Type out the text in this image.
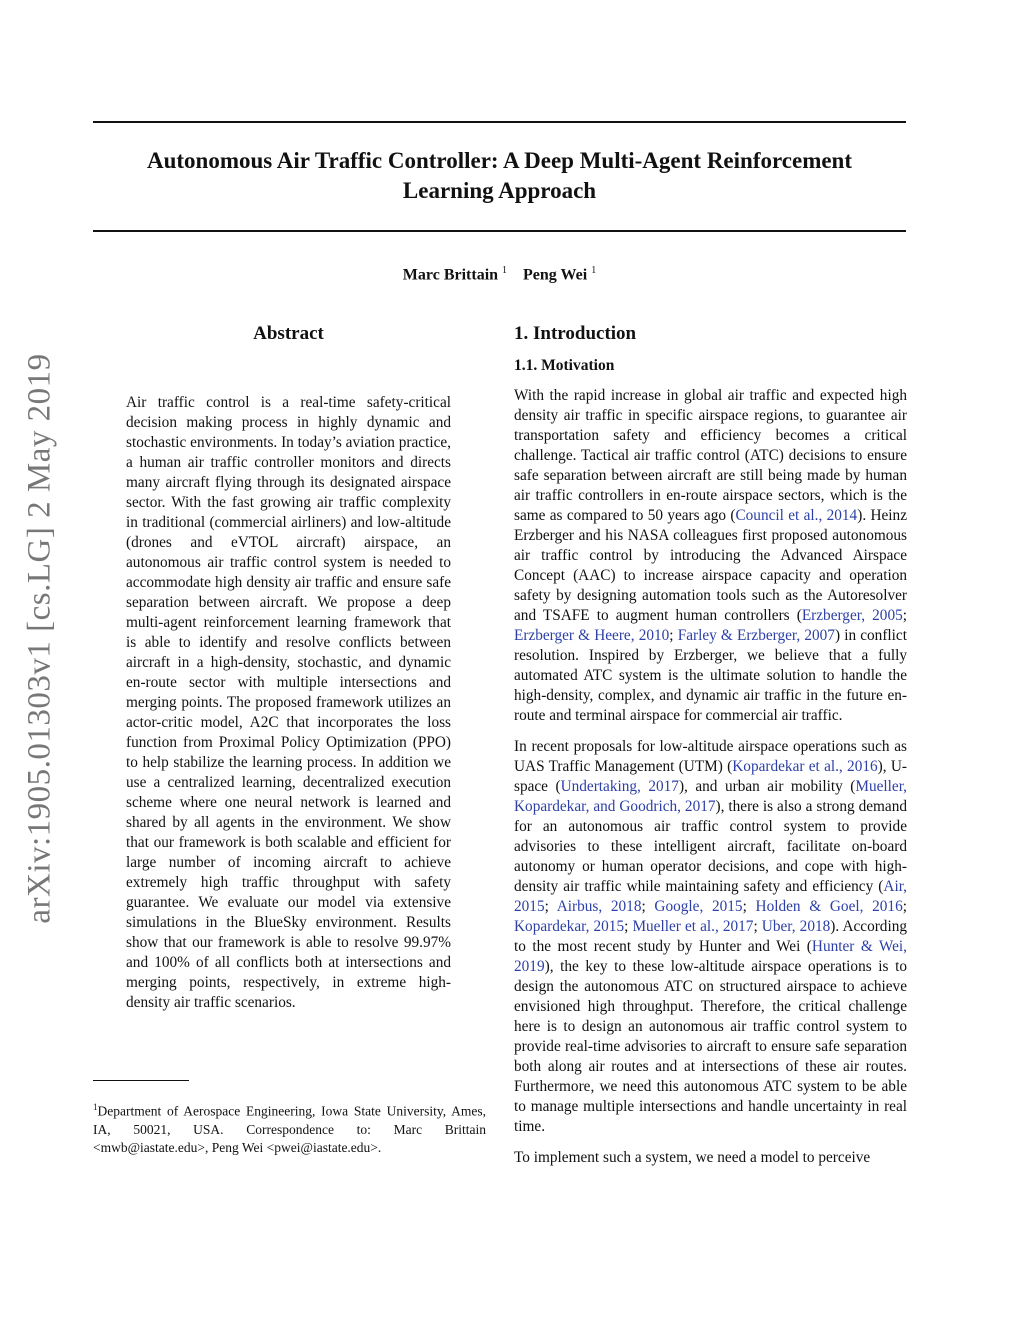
Autonomous Air Traffic Controller: A Deep Multi-Agent Reinforcement
Learning Approach
Marc Brittain $^1$ Peng Wei $^1$
arXiv:1905.01303v1 [cs.LG] 2 May 2019
Abstract

Air traffic control is a real-time safety-critical decision making process in highly dynamic and stochastic environments. In today’s aviation practice, a human air traffic controller monitors and directs many aircraft flying through its designated airspace sector. With the fast growing air traffic complexity in traditional (commercial airliners) and low-altitude (drones and eVTOL aircraft) airspace, an autonomous air traffic control system is needed to accommodate high density air traffic and ensure safe separation between aircraft. We propose a deep multi-agent reinforcement learning framework that is able to identify and resolve conflicts between aircraft in a high-density, stochastic, and dynamic en-route sector with multiple intersections and merging points. The proposed framework utilizes an actor-critic model, A2C that incorporates the loss function from Proximal Policy Optimization (PPO) to help stabilize the learning process. In addition we use a centralized learning, decentralized execution scheme where one neural network is learned and shared by all agents in the environment. We show that our framework is both scalable and efficient for large number of incoming aircraft to achieve extremely high traffic throughput with safety guarantee. We evaluate our model via extensive simulations in the BlueSky environment. Results show that our framework is able to resolve 99.97% and 100% of all conflicts both at intersections and merging points, respectively, in extreme high-density air traffic scenarios.

1. Introduction
1.1. Motivation

With the rapid increase in global air traffic and expected high density air traffic in specific airspace regions, to guarantee air transportation safety and efficiency becomes a critical challenge. Tactical air traffic control (ATC) decisions to ensure safe separation between aircraft are still being made by human air traffic controllers in en-route airspace sectors, which is the same as compared to 50 years ago (Council et al., 2014). Heinz Erzberger and his NASA colleagues first proposed autonomous air traffic control by introducing the Advanced Airspace Concept (AAC) to increase airspace capacity and operation safety by designing automation tools such as the Autoresolver and TSAFE to augment human controllers (Erzberger, 2005; Erzberger & Heere, 2010; Farley & Erzberger, 2007) in conflict resolution. Inspired by Erzberger, we believe that a fully automated ATC system is the ultimate solution to handle the high-density, complex, and dynamic air traffic in the future en-route and terminal airspace for commercial air traffic.

In recent proposals for low-altitude airspace operations such as UAS Traffic Management (UTM) (Kopardekar et al., 2016), U-space (Undertaking, 2017), and urban air mobility (Mueller, Kopardekar, and Goodrich, 2017), there is also a strong demand for an autonomous air traffic control system to provide advisories to these intelligent aircraft, facilitate on-board autonomy or human operator decisions, and cope with high-density air traffic while maintaining safety and efficiency (Air, 2015; Airbus, 2018; Google, 2015; Holden & Goel, 2016; Kopardekar, 2015; Mueller et al., 2017; Uber, 2018). According to the most recent study by Hunter and Wei (Hunter & Wei, 2019), the key to these low-altitude airspace operations is to design the autonomous ATC on structured airspace to achieve envisioned high throughput. Therefore, the critical challenge here is to design an autonomous air traffic control system to provide real-time advisories to aircraft to ensure safe separation both along air routes and at intersections of these air routes. Furthermore, we need this autonomous ATC system to be able to manage multiple intersections and handle uncertainty in real time.

To implement such a system, we need a model to perceive

$^1$Department of Aerospace Engineering, Iowa State University, Ames, IA, 50021, USA. Correspondence to: Marc Brittain <mwb@iastate.edu>, Peng Wei <pwei@iastate.edu>.
